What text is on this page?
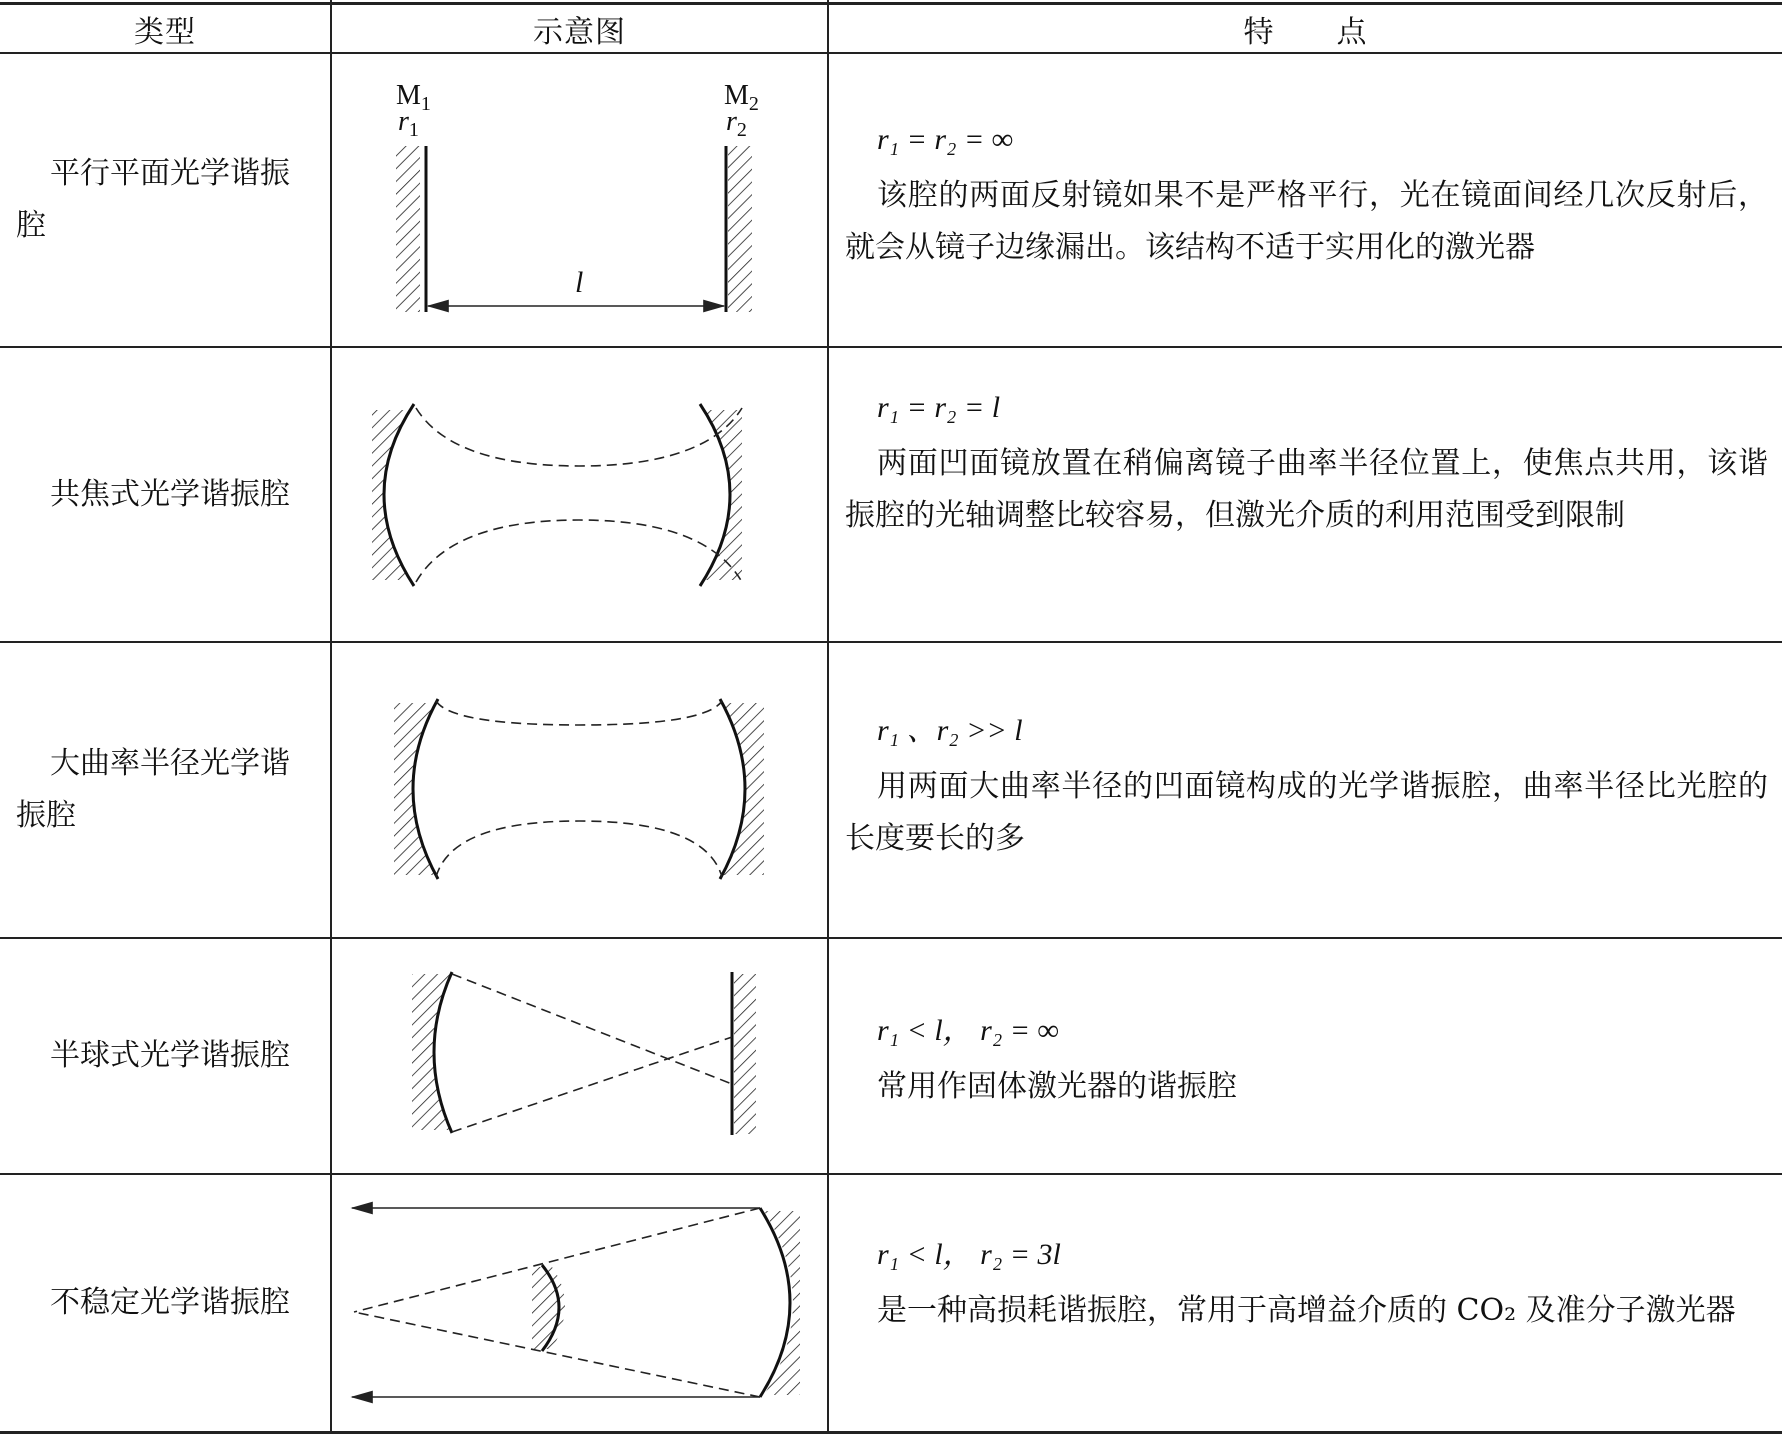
类型	示意图	特　　点
平行平面光学谐振腔
$M_1$
$r_1$
$M_2$
$r_2$
l
r₁ = r₂ = ∞
该腔的两面反射镜如果不是严格平行，光在镜面间经几次反射后，就会从镜子边缘漏出。该结构不适于实用化的激光器
共焦式光学谐振腔
r₁ = r₂ = l
两面凹面镜放置在稍偏离镜子曲率半径位置上，使焦点共用，该谐振腔的光轴调整比较容易，但激光介质的利用范围受到限制
大曲率半径光学谐振腔
r₁ 、r₂ >> l
用两面大曲率半径的凹面镜构成的光学谐振腔，曲率半径比光腔的长度要长的多
半球式光学谐振腔
r₁ < l， r₂ = ∞
常用作固体激光器的谐振腔
不稳定光学谐振腔
r₁ < l， r₂ = 3l
是一种高损耗谐振腔，常用于高增益介质的 CO₂ 及准分子激光器
